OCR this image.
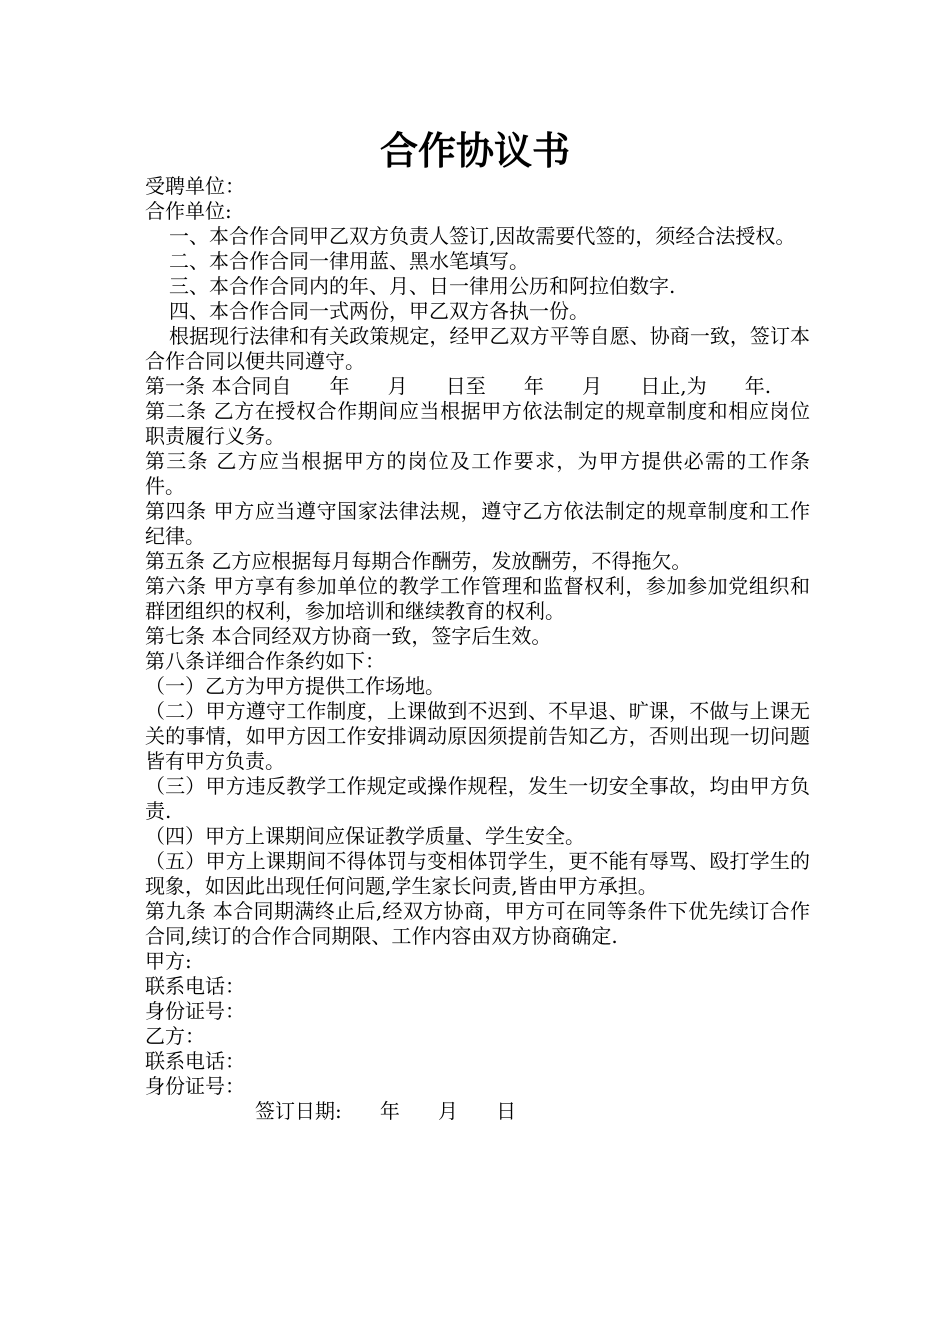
合作协议书

受聘单位：

合作单位:

一、本合作合同甲乙双方负责人签订,因故需要代签的，须经合法授权。

二、本合作合同一律用蓝、黑水笔填写。

三、本合作合同内的年、月、日一律用公历和阿拉伯数字.

四、本合作合同一式两份，甲乙双方各执一份。

根据现行法律和有关政策规定，经甲乙双方平等自愿、协商一致，签订本合作合同以便共同遵守。

第一条 本合同自      年      月      日至      年      月      日止,为      年.

第二条 乙方在授权合作期间应当根据甲方依法制定的规章制度和相应岗位职责履行义务。

第三条 乙方应当根据甲方的岗位及工作要求，为甲方提供必需的工作条件。

第四条 甲方应当遵守国家法律法规，遵守乙方依法制定的规章制度和工作纪律。

第五条 乙方应根据每月每期合作酬劳，发放酬劳，不得拖欠。

第六条 甲方享有参加单位的教学工作管理和监督权利，参加参加党组织和群团组织的权利，参加培训和继续教育的权利。

第七条 本合同经双方协商一致，签字后生效。

第八条详细合作条约如下：

（一）乙方为甲方提供工作场地。

（二）甲方遵守工作制度，上课做到不迟到、不早退、旷课，不做与上课无关的事情，如甲方因工作安排调动原因须提前告知乙方，否则出现一切问题皆有甲方负责。

（三）甲方违反教学工作规定或操作规程，发生一切安全事故，均由甲方负责.

（四）甲方上课期间应保证教学质量、学生安全。

（五）甲方上课期间不得体罚与变相体罚学生，更不能有辱骂、殴打学生的现象，如因此出现任何问题,学生家长问责,皆由甲方承担。

第九条 本合同期满终止后,经双方协商，甲方可在同等条件下优先续订合作合同,续订的合作合同期限、工作内容由双方协商确定.

甲方:

联系电话：

身份证号：

乙方：

联系电话：

身份证号：

签订日期:      年      月      日
